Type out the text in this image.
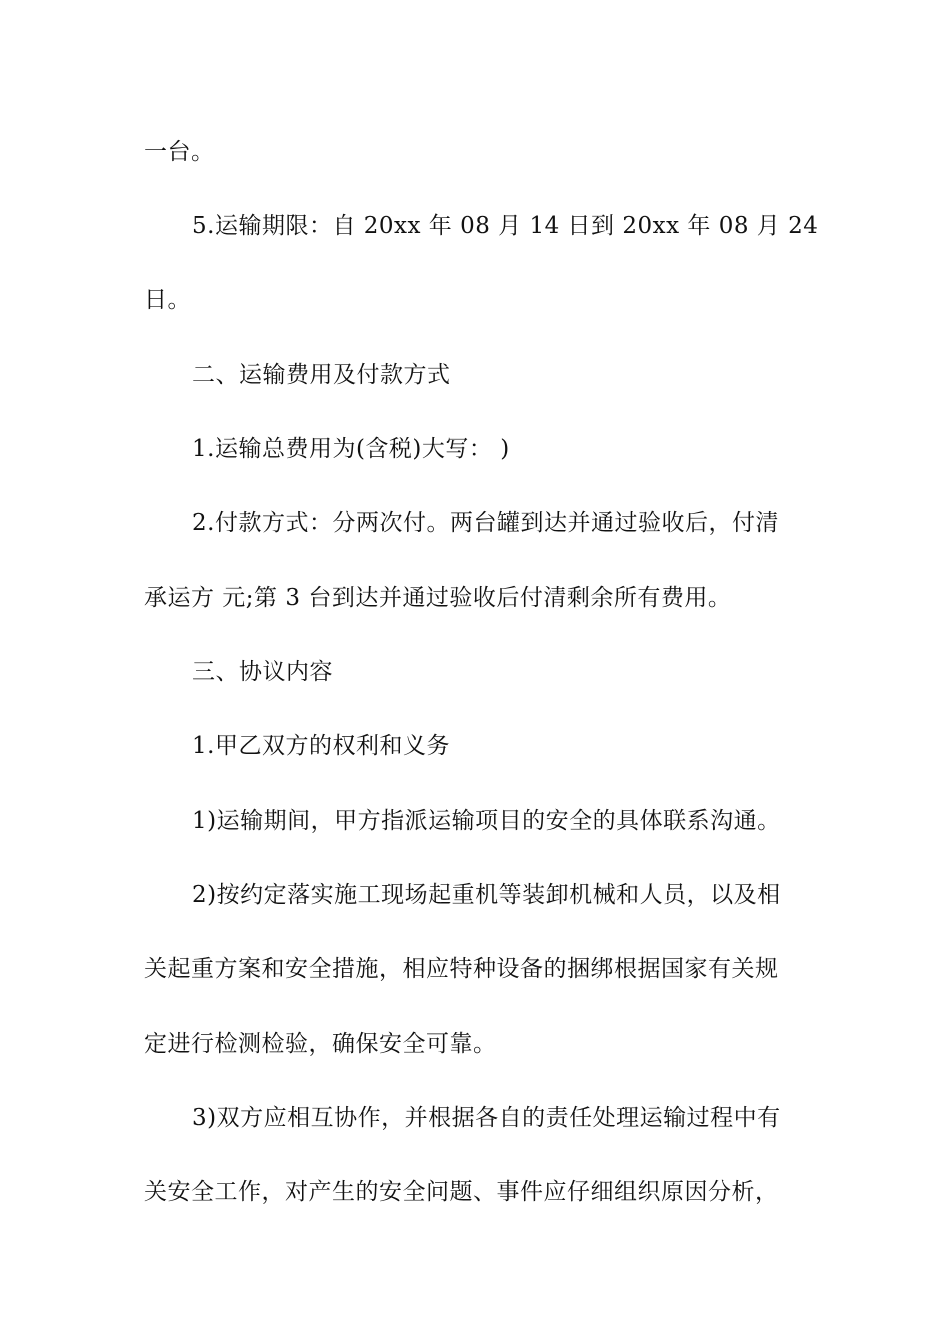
一台。
5.运输期限：自 20xx 年 08 月 14 日到 20xx 年 08 月 24
日。
二、运输费用及付款方式
1.运输总费用为(含税)大写： )
2.付款方式：分两次付。两台罐到达并通过验收后，付清
承运方 元;第 3 台到达并通过验收后付清剩余所有费用。
三、协议内容
1.甲乙双方的权利和义务
1)运输期间，甲方指派运输项目的安全的具体联系沟通。
2)按约定落实施工现场起重机等装卸机械和人员，以及相
关起重方案和安全措施，相应特种设备的捆绑根据国家有关规
定进行检测检验，确保安全可靠。
3)双方应相互协作，并根据各自的责任处理运输过程中有
关安全工作，对产生的安全问题、事件应仔细组织原因分析，
